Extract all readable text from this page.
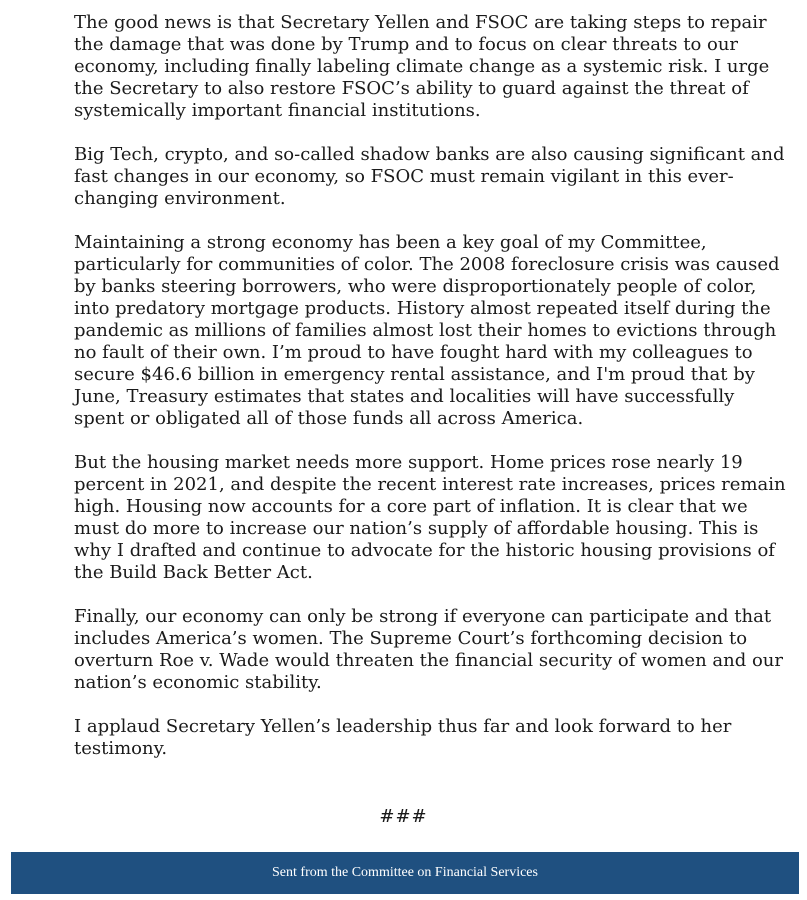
The good news is that Secretary Yellen and FSOC are taking steps to repair the damage that was done by Trump and to focus on clear threats to our economy, including finally labeling climate change as a systemic risk. I urge the Secretary to also restore FSOC’s ability to guard against the threat of systemically important financial institutions.

Big Tech, crypto, and so-called shadow banks are also causing significant and fast changes in our economy, so FSOC must remain vigilant in this ever-changing environment.

Maintaining a strong economy has been a key goal of my Committee, particularly for communities of color. The 2008 foreclosure crisis was caused by banks steering borrowers, who were disproportionately people of color, into predatory mortgage products. History almost repeated itself during the pandemic as millions of families almost lost their homes to evictions through no fault of their own. I’m proud to have fought hard with my colleagues to secure $46.6 billion in emergency rental assistance, and I'm proud that by June, Treasury estimates that states and localities will have successfully spent or obligated all of those funds all across America.

But the housing market needs more support. Home prices rose nearly 19 percent in 2021, and despite the recent interest rate increases, prices remain high. Housing now accounts for a core part of inflation. It is clear that we must do more to increase our nation’s supply of affordable housing. This is why I drafted and continue to advocate for the historic housing provisions of the Build Back Better Act.

Finally, our economy can only be strong if everyone can participate and that includes America’s women. The Supreme Court’s forthcoming decision to overturn Roe v. Wade would threaten the financial security of women and our nation’s economic stability.

I applaud Secretary Yellen’s leadership thus far and look forward to her testimony.

###
Sent from the Committee on Financial Services
